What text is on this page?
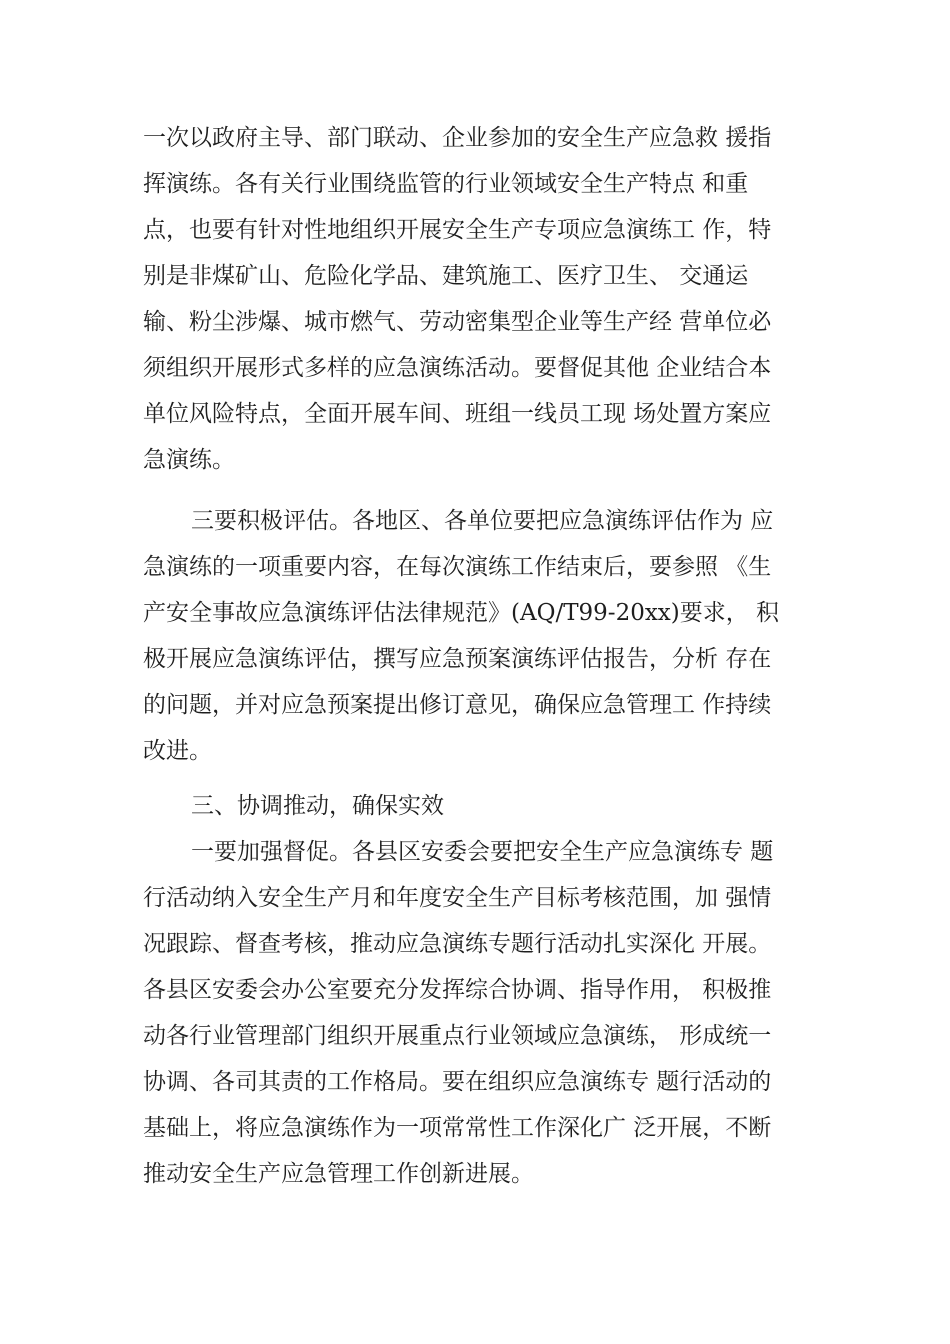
一次以政府主导、部门联动、企业参加的安全生产应急救 援指
挥演练。各有关行业围绕监管的行业领域安全生产特点 和重
点，也要有针对性地组织开展安全生产专项应急演练工 作，特
别是非煤矿山、危险化学品、建筑施工、医疗卫生、 交通运
输、粉尘涉爆、城市燃气、劳动密集型企业等生产经 营单位必
须组织开展形式多样的应急演练活动。要督促其他 企业结合本
单位风险特点，全面开展车间、班组一线员工现 场处置方案应
急演练。
三要积极评估。各地区、各单位要把应急演练评估作为 应
急演练的一项重要内容，在每次演练工作结束后，要参照 《生
产安全事故应急演练评估法律规范》(AQ/T99-20xx)要求， 积
极开展应急演练评估，撰写应急预案演练评估报告，分析 存在
的问题，并对应急预案提出修订意见，确保应急管理工 作持续
改进。
三、协调推动，确保实效
一要加强督促。各县区安委会要把安全生产应急演练专 题
行活动纳入安全生产月和年度安全生产目标考核范围，加 强情
况跟踪、督查考核，推动应急演练专题行活动扎实深化 开展。
各县区安委会办公室要充分发挥综合协调、指导作用， 积极推
动各行业管理部门组织开展重点行业领域应急演练， 形成统一
协调、各司其责的工作格局。要在组织应急演练专 题行活动的
基础上，将应急演练作为一项常常性工作深化广 泛开展，不断
推动安全生产应急管理工作创新进展。
